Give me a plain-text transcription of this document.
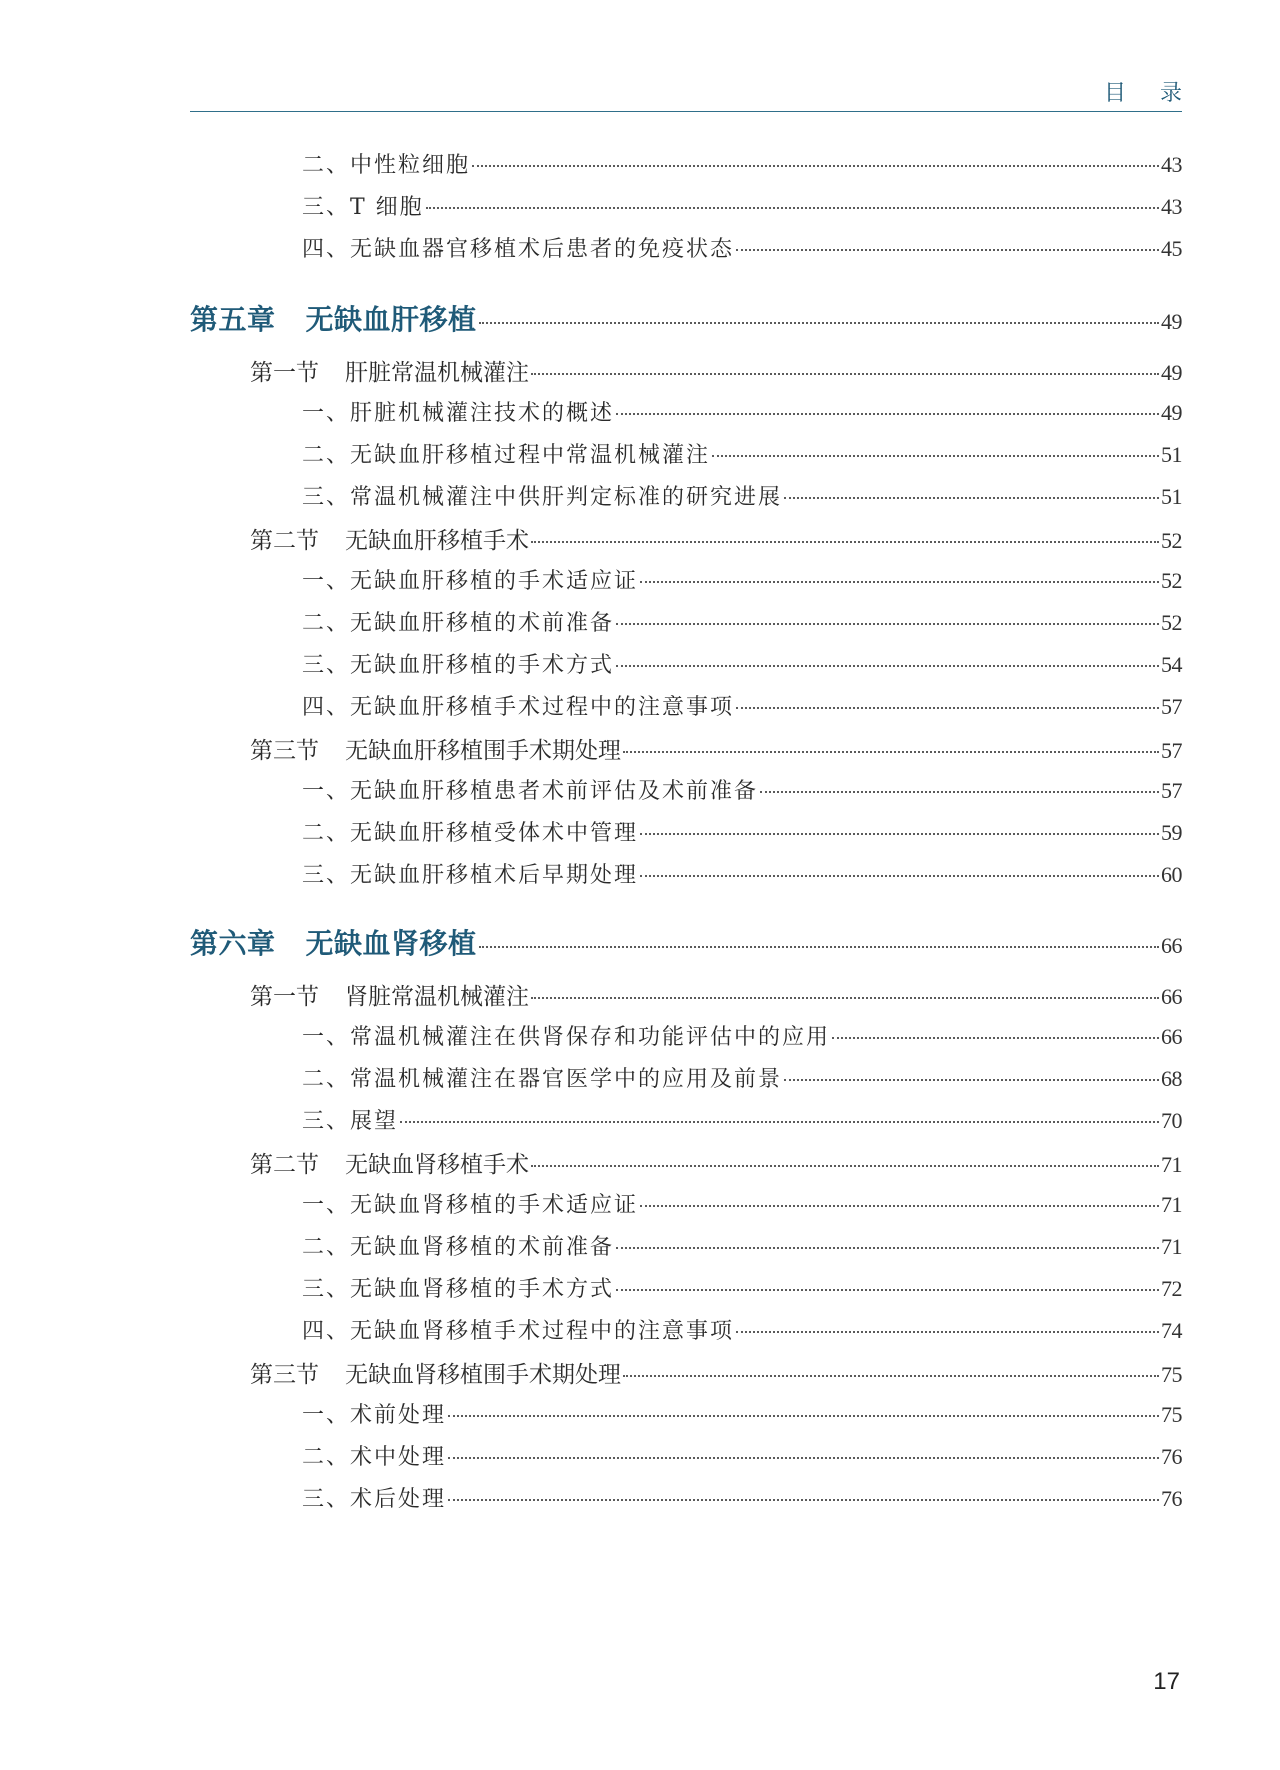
目录
二、中性粒细胞	43
三、T 细胞	43
四、无缺血器官移植术后患者的免疫状态	45
第五章 无缺血肝移植	49
第一节 肝脏常温机械灌注	49
一、肝脏机械灌注技术的概述	49
二、无缺血肝移植过程中常温机械灌注	51
三、常温机械灌注中供肝判定标准的研究进展	51
第二节 无缺血肝移植手术	52
一、无缺血肝移植的手术适应证	52
二、无缺血肝移植的术前准备	52
三、无缺血肝移植的手术方式	54
四、无缺血肝移植手术过程中的注意事项	57
第三节 无缺血肝移植围手术期处理	57
一、无缺血肝移植患者术前评估及术前准备	57
二、无缺血肝移植受体术中管理	59
三、无缺血肝移植术后早期处理	60
第六章 无缺血肾移植	66
第一节 肾脏常温机械灌注	66
一、常温机械灌注在供肾保存和功能评估中的应用	66
二、常温机械灌注在器官医学中的应用及前景	68
三、展望	70
第二节 无缺血肾移植手术	71
一、无缺血肾移植的手术适应证	71
二、无缺血肾移植的术前准备	71
三、无缺血肾移植的手术方式	72
四、无缺血肾移植手术过程中的注意事项	74
第三节 无缺血肾移植围手术期处理	75
一、术前处理	75
二、术中处理	76
三、术后处理	76
17
